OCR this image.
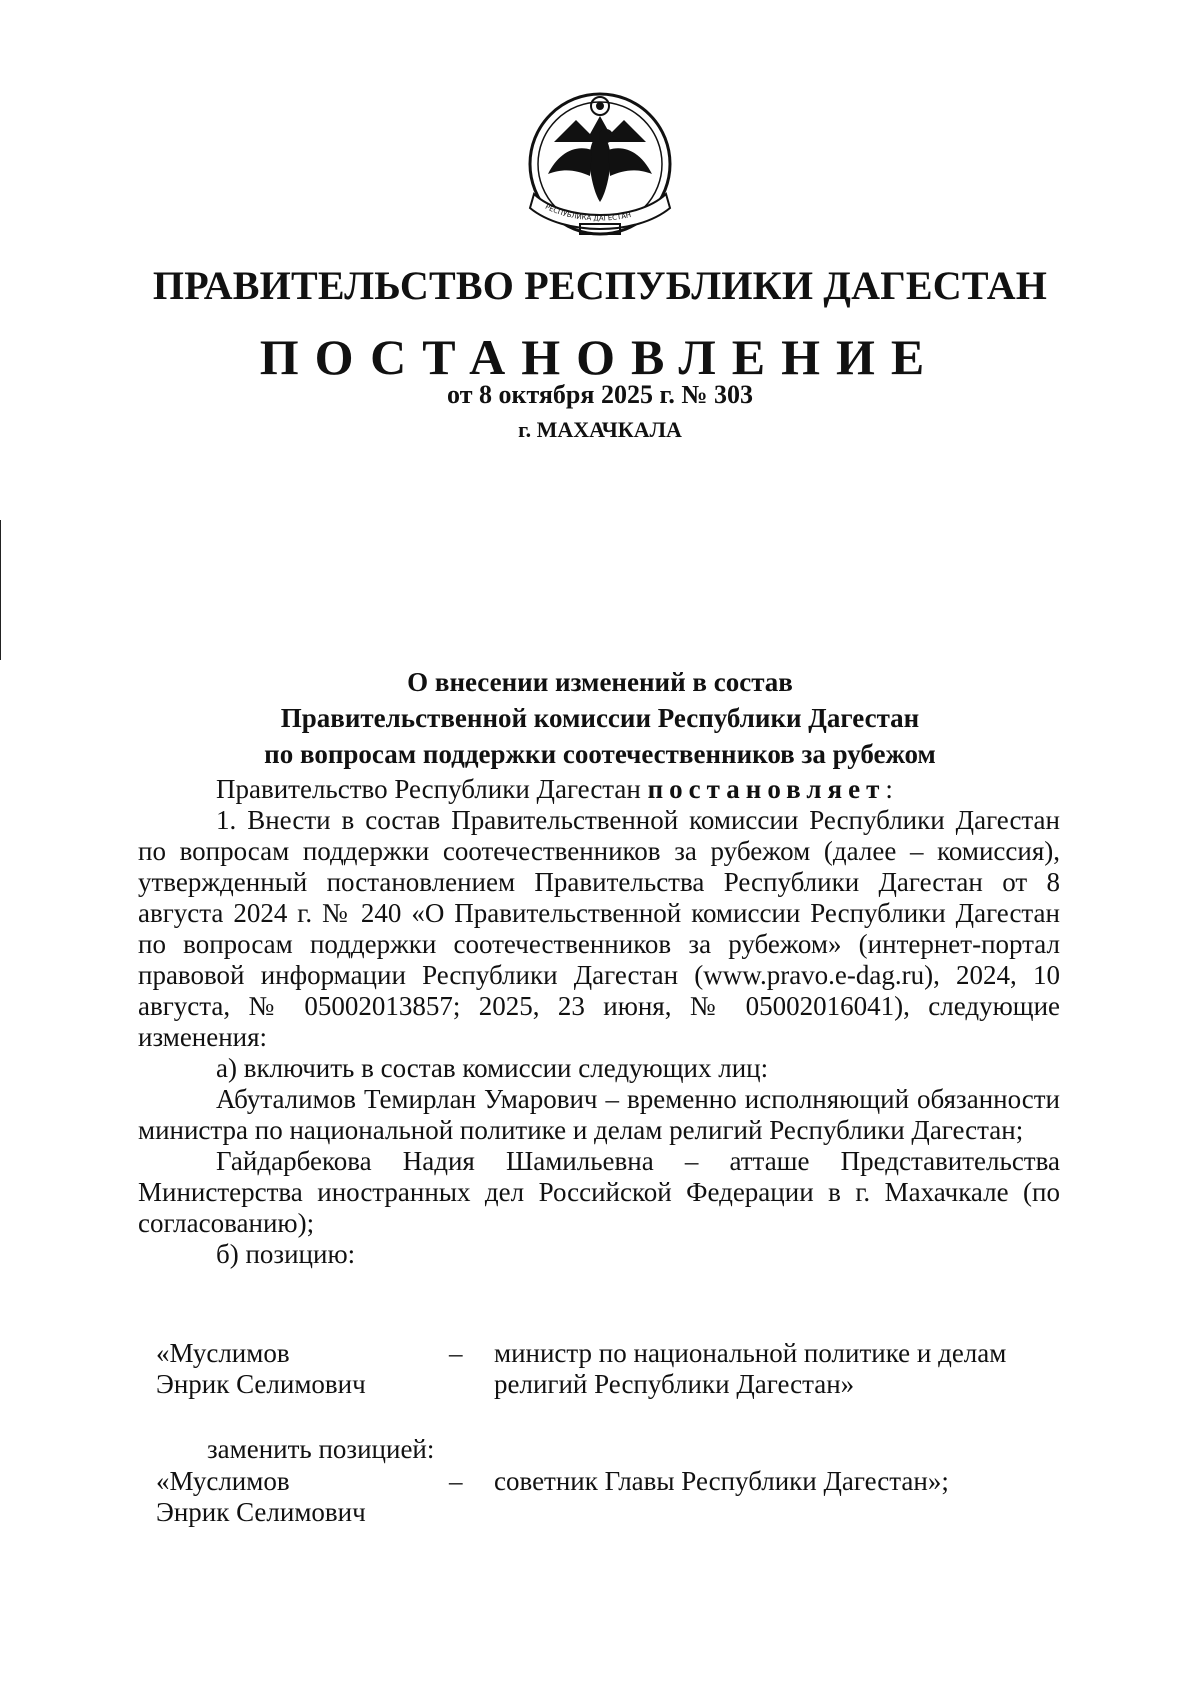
РЕСПУБЛИКА ДАГЕСТАН
ПРАВИТЕЛЬСТВО РЕСПУБЛИКИ ДАГЕСТАН
ПОСТАНОВЛЕНИЕ
от 8 октября 2025 г. № 303
г. МАХАЧКАЛА
О внесении изменений в состав
Правительственной комиссии Республики Дагестан
по вопросам поддержки соотечественников за рубежом

Правительство Республики Дагестан постановляет:

1. Внести в состав Правительственной комиссии Республики Дагестан по вопросам поддержки соотечественников за рубежом (далее – комиссия), утвержденный постановлением Правительства Республики Дагестан от 8 августа 2024 г. № 240 «О Правительственной комиссии Республики Дагестан по вопросам поддержки соотечественников за рубежом» (интернет-портал правовой информации Республики Дагестан (www.pravo.e-dag.ru), 2024, 10 августа, № 05002013857; 2025, 23 июня, № 05002016041), следующие изменения:

а) включить в состав комиссии следующих лиц:

Абуталимов Темирлан Умарович – временно исполняющий обязанности министра по национальной политике и делам религий Республики Дагестан;

Гайдарбекова Надия Шамильевна – атташе Представительства Министерства иностранных дел Российской Федерации в г. Махачкале (по согласованию);

б) позицию:

«Муслимов
Энрик Селимович
– министр по национальной политике и делам
религий Республики Дагестан»
заменить позицией:
«Муслимов
Энрик Селимович
– советник Главы Республики Дагестан»;
